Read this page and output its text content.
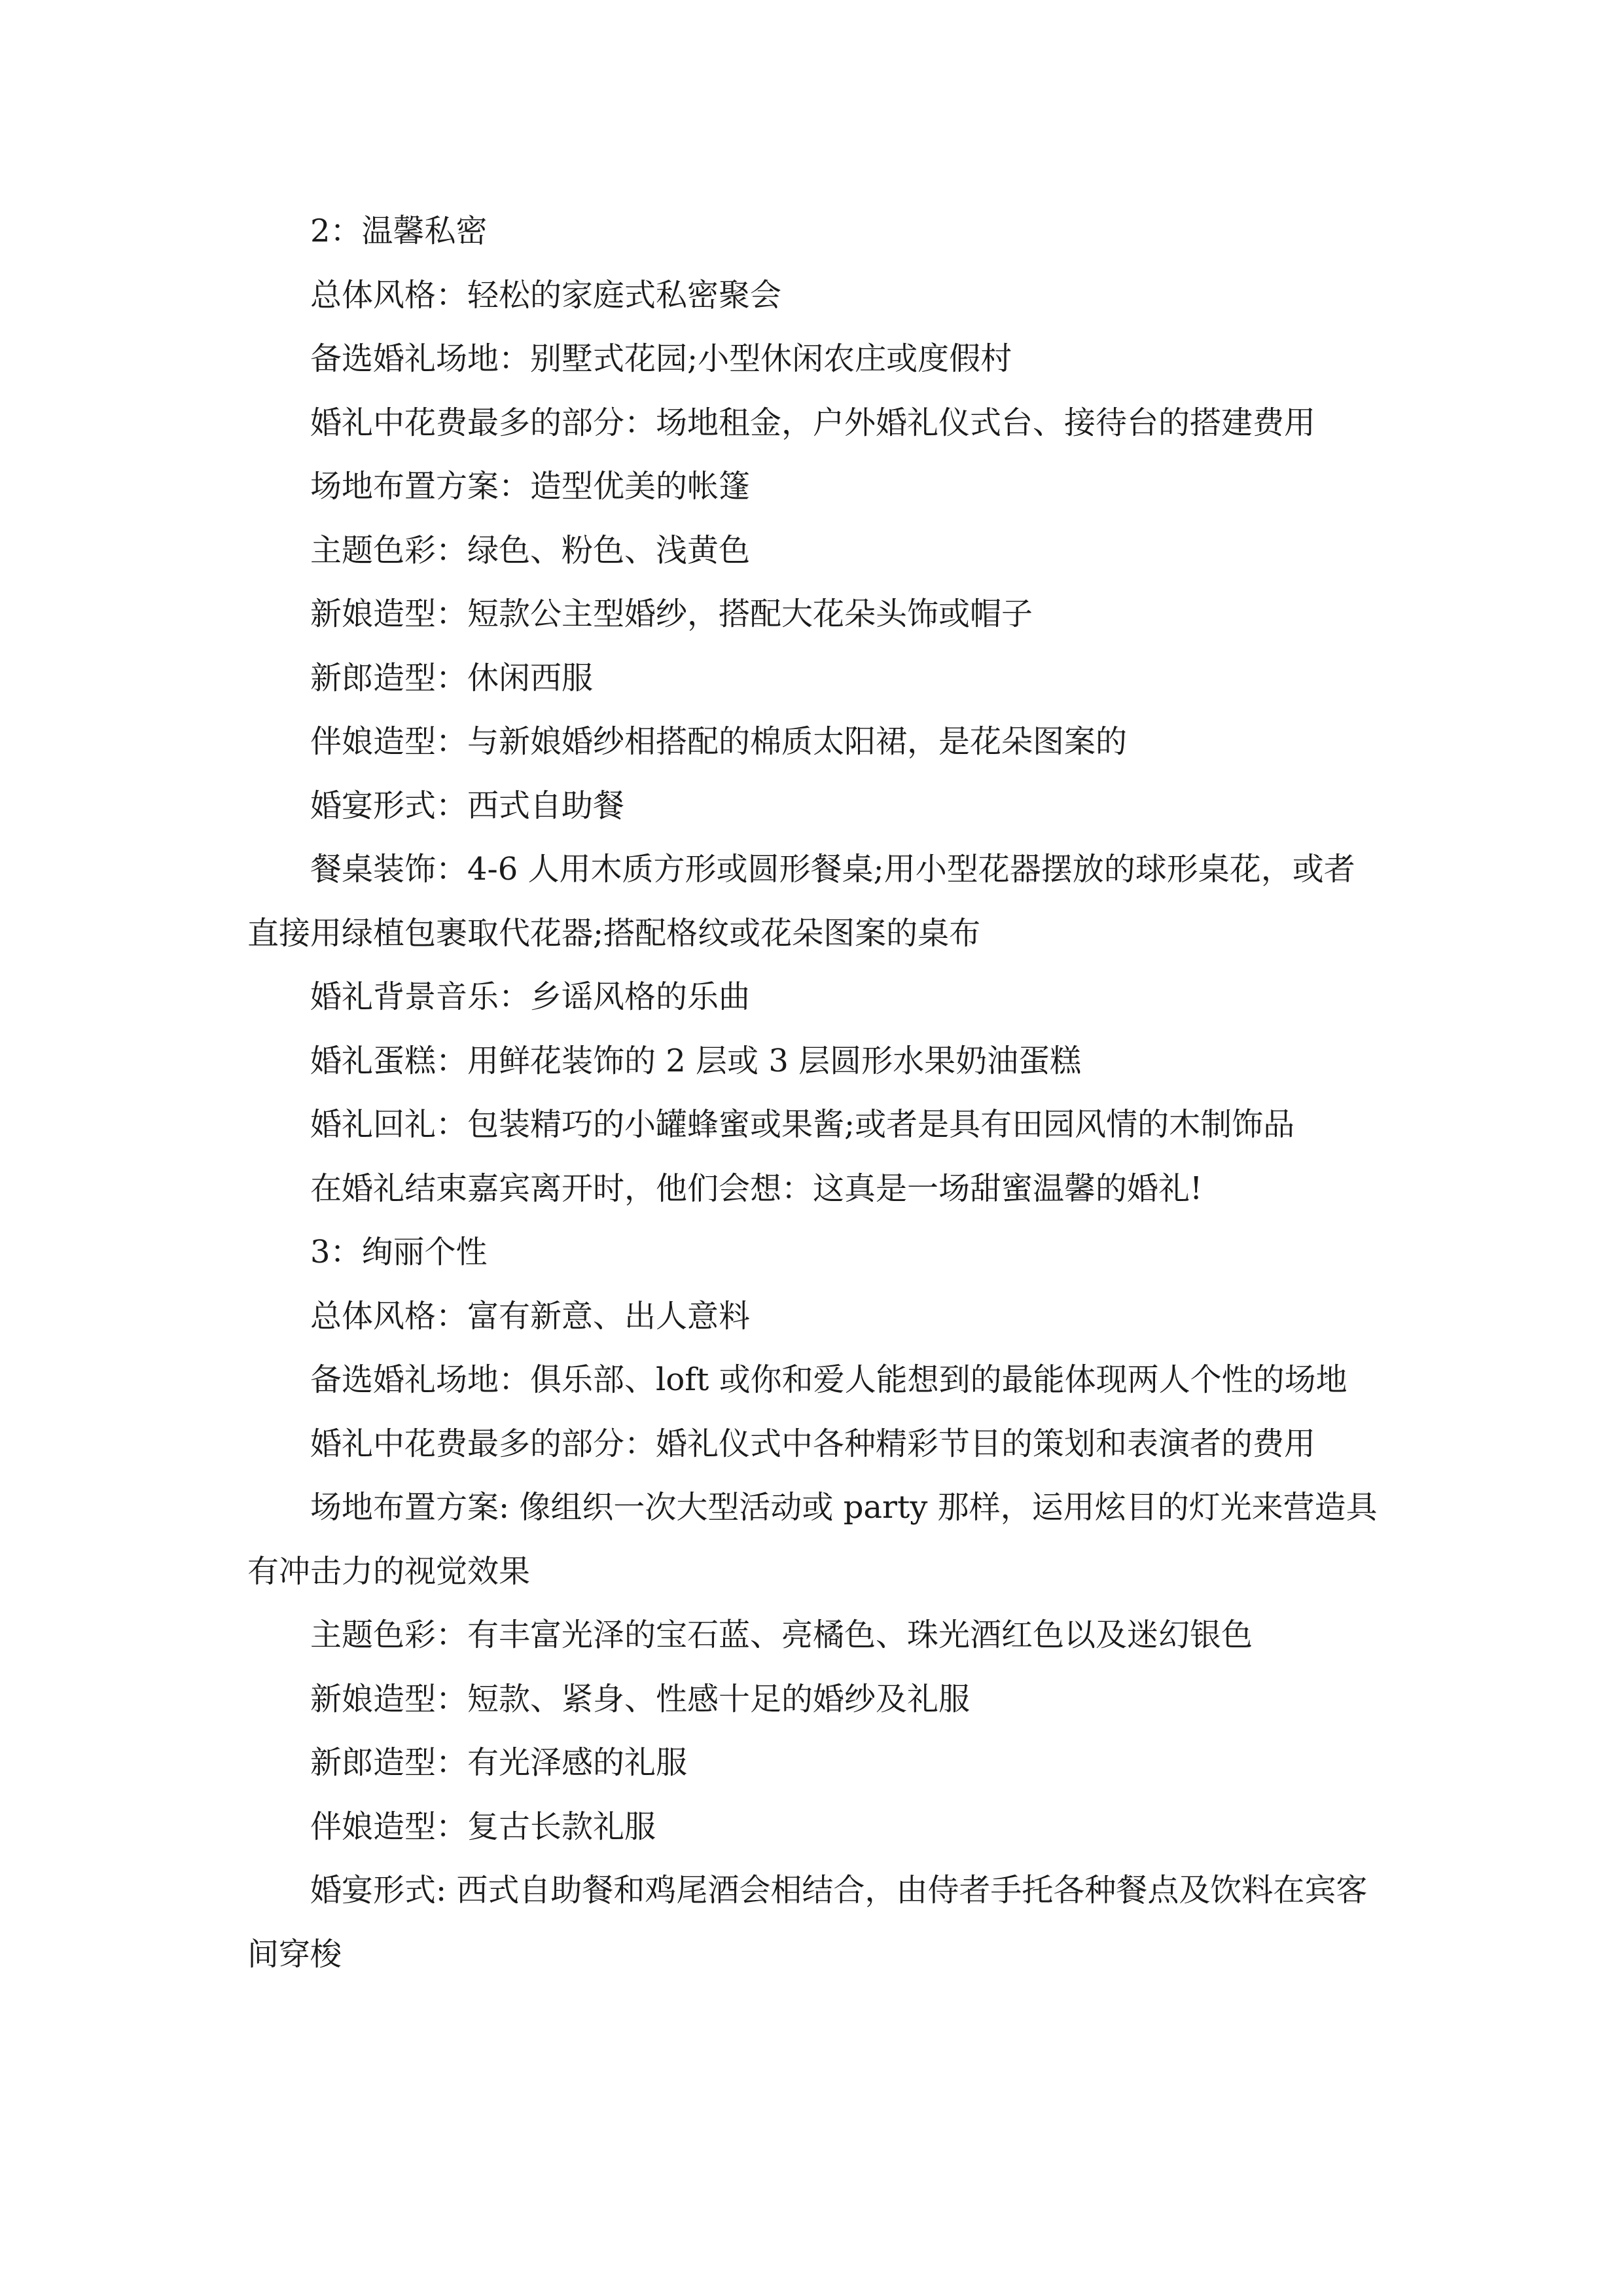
2：温馨私密

总体风格：轻松的家庭式私密聚会

备选婚礼场地：别墅式花园;小型休闲农庄或度假村

婚礼中花费最多的部分：场地租金，户外婚礼仪式台、接待台的搭建费用

场地布置方案：造型优美的帐篷

主题色彩：绿色、粉色、浅黄色

新娘造型：短款公主型婚纱，搭配大花朵头饰或帽子

新郎造型：休闲西服

伴娘造型：与新娘婚纱相搭配的棉质太阳裙，是花朵图案的

婚宴形式：西式自助餐

餐桌装饰：4-6 人用木质方形或圆形餐桌;用小型花器摆放的球形桌花，或者直接用绿植包裹取代花器;搭配格纹或花朵图案的桌布

婚礼背景音乐：乡谣风格的乐曲

婚礼蛋糕：用鲜花装饰的 2 层或 3 层圆形水果奶油蛋糕

婚礼回礼：包装精巧的小罐蜂蜜或果酱;或者是具有田园风情的木制饰品

在婚礼结束嘉宾离开时，他们会想：这真是一场甜蜜温馨的婚礼!

3：绚丽个性

总体风格：富有新意、出人意料

备选婚礼场地：俱乐部、loft 或你和爱人能想到的最能体现两人个性的场地

婚礼中花费最多的部分：婚礼仪式中各种精彩节目的策划和表演者的费用

场地布置方案: 像组织一次大型活动或 party 那样，运用炫目的灯光来营造具有冲击力的视觉效果

主题色彩：有丰富光泽的宝石蓝、亮橘色、珠光酒红色以及迷幻银色

新娘造型：短款、紧身、性感十足的婚纱及礼服

新郎造型：有光泽感的礼服

伴娘造型：复古长款礼服

婚宴形式: 西式自助餐和鸡尾酒会相结合，由侍者手托各种餐点及饮料在宾客间穿梭
